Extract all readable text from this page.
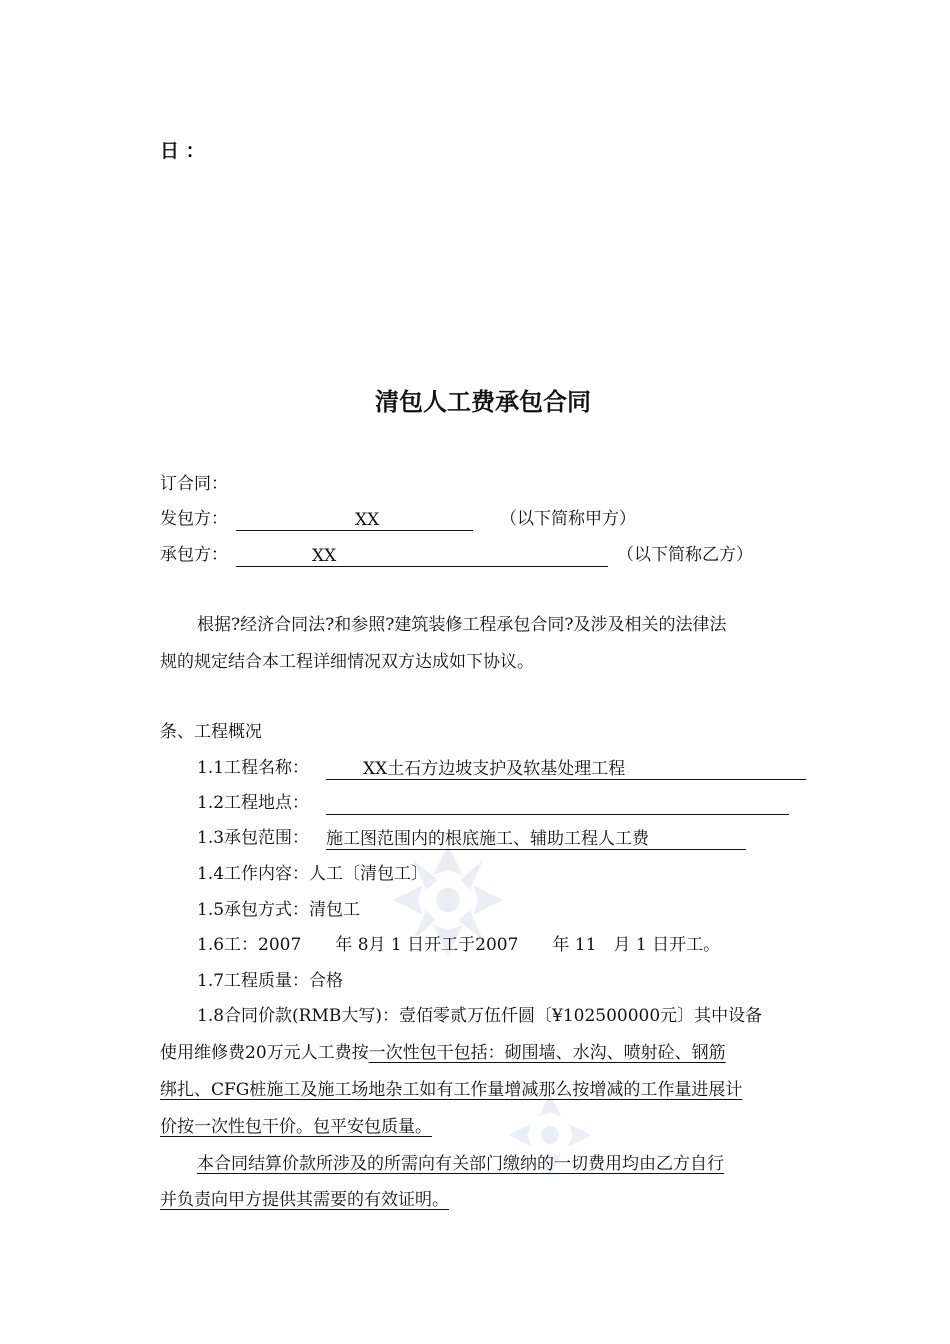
日 ：
清包人工费承包合同
订合同：
发包方：	XX	（以下简称甲方）
承包方：	XX	（以下简称乙方）
根据?经济合同法?和参照?建筑装修工程承包合同?及涉及相关的法律法
规的规定结合本工程详细情况双方达成如下协议。
条、工程概况
1.1工程名称：	XX土石方边坡支护及软基处理工程
1.2工程地点：
1.3承包范围： 施工图范围内的根底施工、辅助工程人工费
1.4工作内容：人工〔清包工〕
1.5承包方式：清包工
1.6工：2007　　年 8月 1 日开工于2007　　年 11　月 1 日开工。
1.7工程质量：合格
1.8合同价款(RMB大写)：壹佰零贰万伍仟圆〔¥102500000元〕其中设备
使用维修费20万元人工费按一次性包干包括：砌围墙、水沟、喷射砼、钢筋
绑扎、CFG桩施工及施工场地杂工如有工作量增减那么按增减的工作量进展计
价按一次性包干价。包平安包质量。
本合同结算价款所涉及的所需向有关部门缴纳的一切费用均由乙方自行
并负责向甲方提供其需要的有效证明。
